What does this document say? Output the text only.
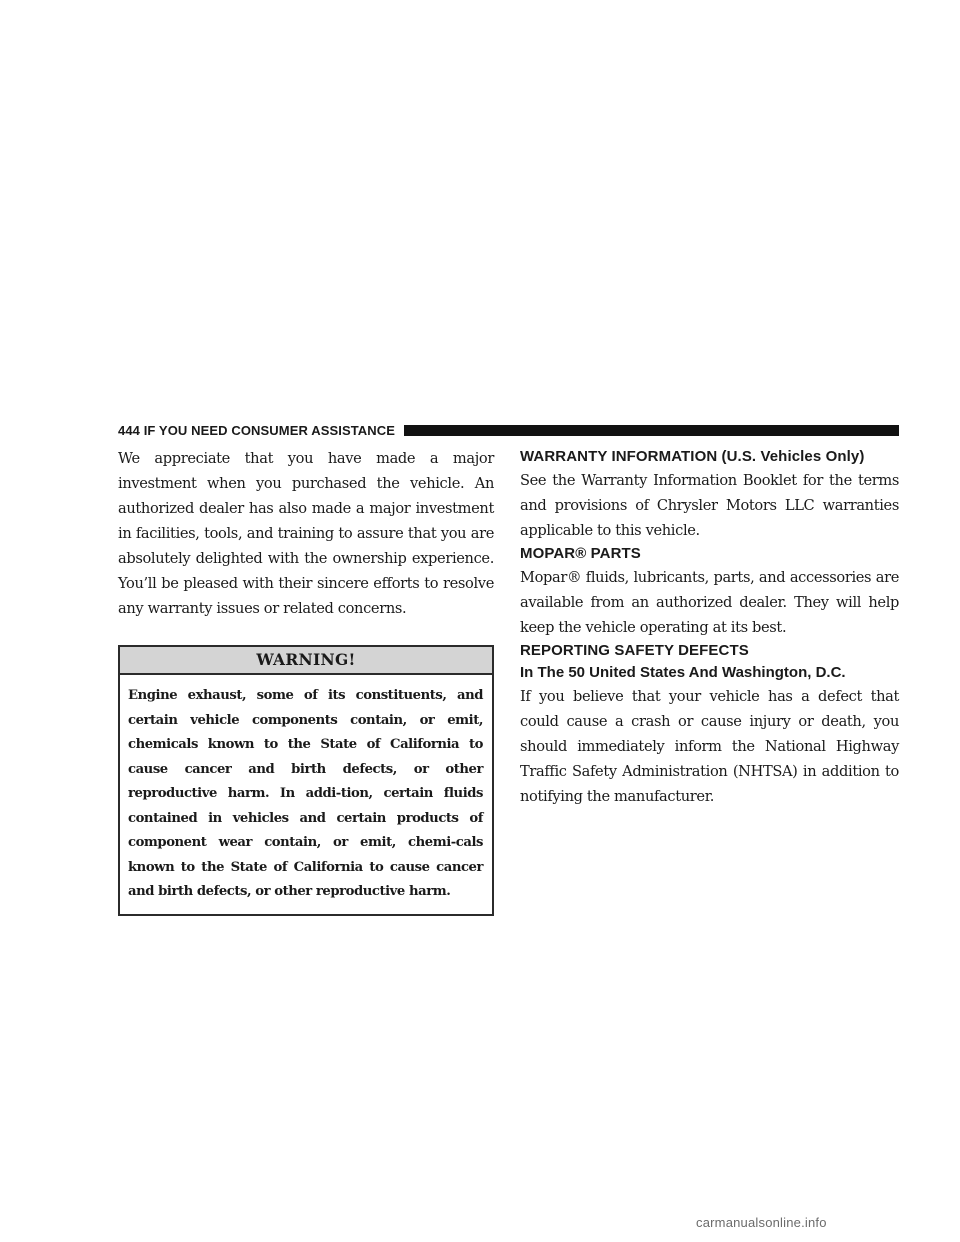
444 IF YOU NEED CONSUMER ASSISTANCE

We appreciate that you have made a major investment when you purchased the vehicle. An authorized dealer has also made a major investment in facilities, tools, and training to assure that you are absolutely delighted with the ownership experience. You’ll be pleased with their sincere efforts to resolve any warranty issues or related concerns.

WARNING!

Engine exhaust, some of its constituents, and certain vehicle components contain, or emit, chemicals known to the State of California to cause cancer and birth defects, or other reproductive harm. In addi-tion, certain fluids contained in vehicles and certain products of component wear contain, or emit, chemi-cals known to the State of California to cause cancer and birth defects, or other reproductive harm.

WARRANTY INFORMATION (U.S. Vehicles Only)

See the Warranty Information Booklet for the terms and provisions of Chrysler Motors LLC warranties applicable to this vehicle.

MOPAR® PARTS

Mopar® fluids, lubricants, parts, and accessories are available from an authorized dealer. They will help keep the vehicle operating at its best.

REPORTING SAFETY DEFECTS
In The 50 United States And Washington, D.C.

If you believe that your vehicle has a defect that could cause a crash or cause injury or death, you should immediately inform the National Highway Traffic Safety Administration (NHTSA) in addition to notifying the manufacturer.

carmanualsonline.info
